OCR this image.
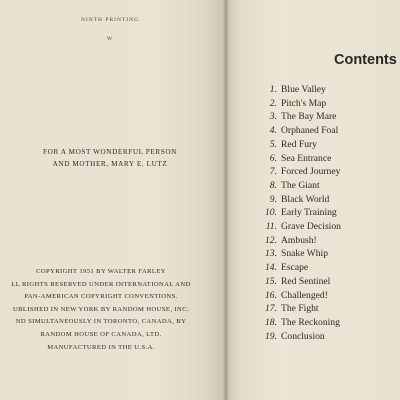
NINTH PRINTING
W
FOR A MOST WONDERFUL PERSON
AND MOTHER, MARY E. LUTZ
COPYRIGHT 1951 BY WALTER FARLEY
LL RIGHTS RESERVED UNDER INTERNATIONAL AND
PAN-AMERICAN COPYRIGHT CONVENTIONS.
UBLISHED IN NEW YORK BY RANDOM HOUSE, INC.
ND SIMULTANEOUSLY IN TORONTO, CANADA, BY
RANDOM HOUSE OF CANADA, LTD.
MANUFACTURED IN THE U.S.A.
Contents
1. Blue Valley
2. Pitch's Map
3. The Bay Mare
4. Orphaned Foal
5. Red Fury
6. Sea Entrance
7. Forced Journey
8. The Giant
9. Black World
10. Early Training
11. Grave Decision
12. Ambush!
13. Snake Whip
14. Escape
15. Red Sentinel
16. Challenged!
17. The Fight
18. The Reckoning
19. Conclusion
